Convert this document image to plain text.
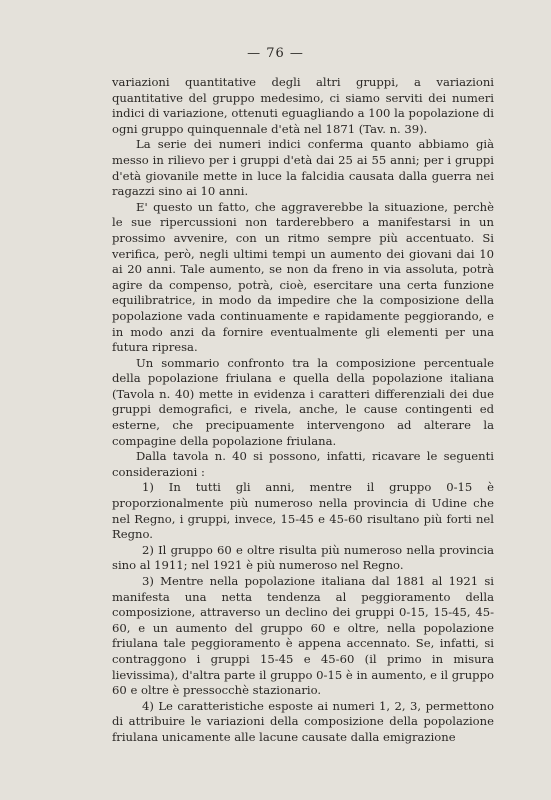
— 76 —

variazioni quantitative degli altri gruppi, a variazioni quantitative del gruppo medesimo, ci siamo serviti dei numeri indici di variazione, ottenuti eguagliando a 100 la popolazione di ogni gruppo quinquennale d'età nel 1871 (Tav. n. 39).

La serie dei numeri indici conferma quanto abbiamo già messo in rilievo per i gruppi d'età dai 25 ai 55 anni; per i gruppi d'età giovanile mette in luce la falcidia causata dalla guerra nei ragazzi sino ai 10 anni.

E' questo un fatto, che aggraverebbe la situazione, perchè le sue ripercussioni non tarderebbero a manifestarsi in un prossimo avvenire, con un ritmo sempre più accentuato. Si verifica, però, negli ultimi tempi un aumento dei giovani dai 10 ai 20 anni. Tale aumento, se non da freno in via assoluta, potrà agire da compenso, potrà, cioè, esercitare una certa funzione equilibratrice, in modo da impedire che la composizione della popolazione vada continuamente e rapidamente peggiorando, e in modo anzi da fornire eventualmente gli elementi per una futura ripresa.

Un sommario confronto tra la composizione percentuale della popolazione friulana e quella della popolazione italiana (Tavola n. 40) mette in evidenza i caratteri differenziali dei due gruppi demografici, e rivela, anche, le cause contingenti ed esterne, che precipuamente intervengono ad alterare la compagine della popolazione friulana.

Dalla tavola n. 40 si possono, infatti, ricavare le seguenti considerazioni :

1) In tutti gli anni, mentre il gruppo 0-15 è proporzionalmente più numeroso nella provincia di Udine che nel Regno, i gruppi, invece, 15-45 e 45-60 risultano più forti nel Regno.

2) Il gruppo 60 e oltre risulta più numeroso nella provincia sino al 1911; nel 1921 è più numeroso nel Regno.

3) Mentre nella popolazione italiana dal 1881 al 1921 si manifesta una netta tendenza al peggioramento della composizione, attraverso un declino dei gruppi 0-15, 15-45, 45-60, e un aumento del gruppo 60 e oltre, nella popolazione friulana tale peggioramento è appena accennato. Se, infatti, si contraggono i gruppi 15-45 e 45-60 (il primo in misura lievissima), d'altra parte il gruppo 0-15 è in aumento, e il gruppo 60 e oltre è pressocchè stazionario.

4) Le caratteristiche esposte ai numeri 1, 2, 3, permettono di attribuire le variazioni della composizione della popolazione friulana unicamente alle lacune causate dalla emigrazione
